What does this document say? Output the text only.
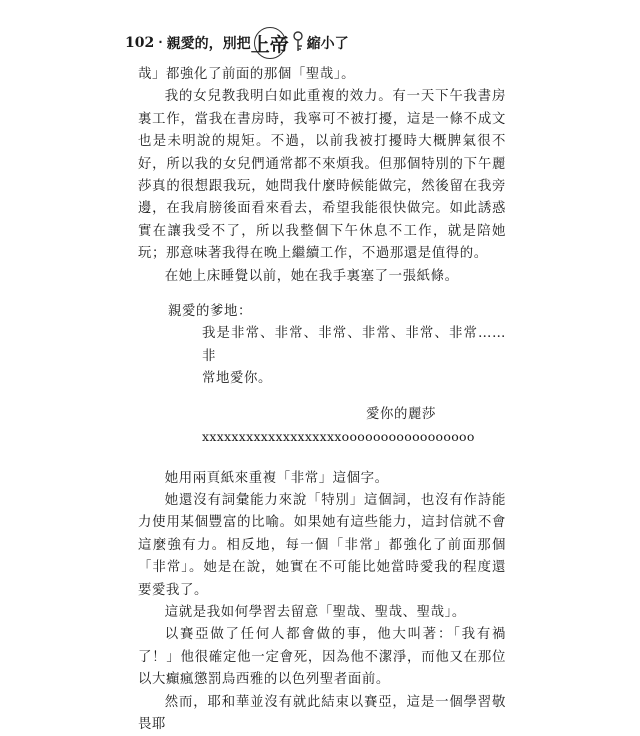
102 ‧ 親愛的，別把 上帝 縮小了

哉」都強化了前面的那個「聖哉」。

我的女兒教我明白如此重複的效力。有一天下午我書房裏工作，當我在書房時，我寧可不被打擾，這是一條不成文也是未明說的規矩。不過，以前我被打擾時大概脾氣很不好，所以我的女兒們通常都不來煩我。但那個特別的下午麗莎真的很想跟我玩，她問我什麼時候能做完，然後留在我旁邊，在我肩膀後面看來看去，希望我能很快做完。如此誘惑實在讓我受不了，所以我整個下午休息不工作，就是陪她玩；那意味著我得在晚上繼續工作，不過那還是值得的。

在她上床睡覺以前，她在我手裏塞了一張紙條。

親愛的爹地：

我是非常、非常、非常、非常、非常、非常……非

常地愛你。

愛你的麗莎

xxxxxxxxxxxxxxxxxxxooooooooooooooooo

她用兩頁紙來重複「非常」這個字。

她還沒有詞彙能力來說「特別」這個詞，也沒有作詩能力使用某個豐富的比喻。如果她有這些能力，這封信就不會這麼強有力。相反地，每一個「非常」都強化了前面那個「非常」。她是在說，她實在不可能比她當時愛我的程度還要愛我了。

這就是我如何學習去留意「聖哉、聖哉、聖哉」。

以賽亞做了任何人都會做的事，他大叫著：「我有禍了！」他很確定他一定會死，因為他不潔淨，而他又在那位以大癲瘋懲罰烏西雅的以色列聖者面前。

然而，耶和華並沒有就此結束以賽亞，這是一個學習敬畏耶
